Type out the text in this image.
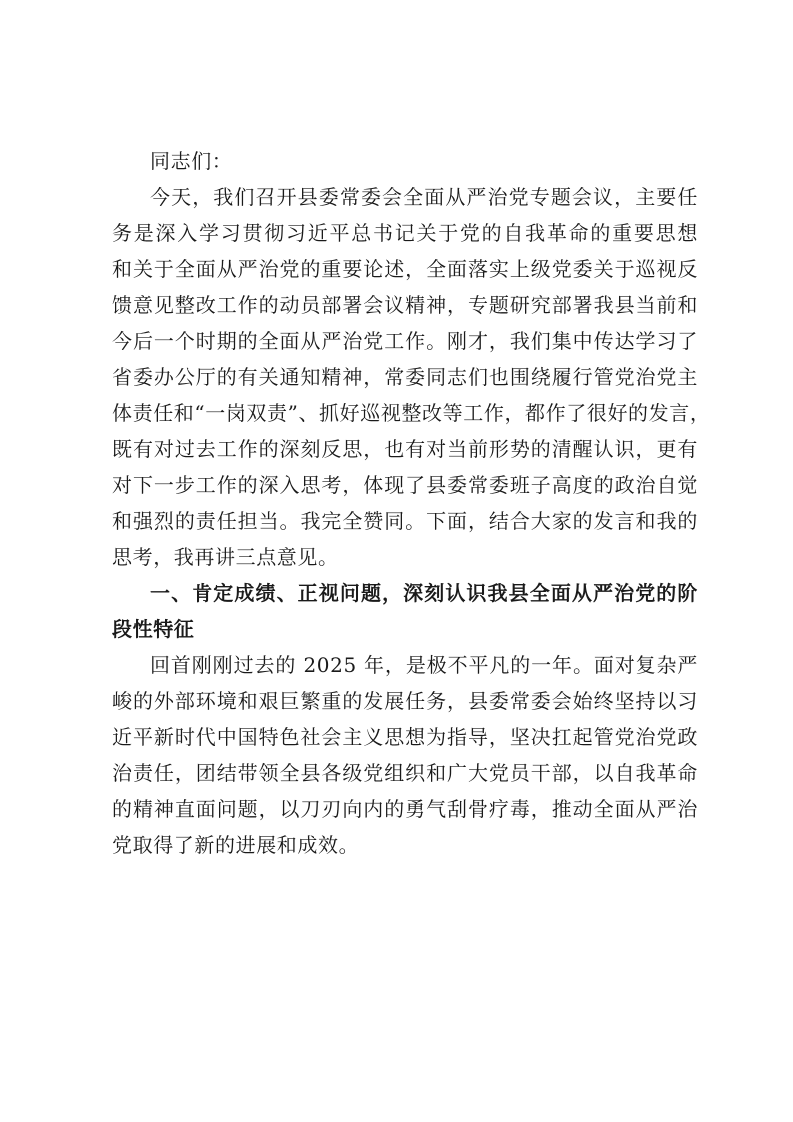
同志们：
今天，我们召开县委常委会全面从严治党专题会议，主要任
务是深入学习贯彻习近平总书记关于党的自我革命的重要思想
和关于全面从严治党的重要论述，全面落实上级党委关于巡视反
馈意见整改工作的动员部署会议精神，专题研究部署我县当前和
今后一个时期的全面从严治党工作。刚才，我们集中传达学习了
省委办公厅的有关通知精神，常委同志们也围绕履行管党治党主
体责任和“一岗双责”、抓好巡视整改等工作，都作了很好的发言，
既有对过去工作的深刻反思，也有对当前形势的清醒认识，更有
对下一步工作的深入思考，体现了县委常委班子高度的政治自觉
和强烈的责任担当。我完全赞同。下面，结合大家的发言和我的
思考，我再讲三点意见。
一、肯定成绩、正视问题，深刻认识我县全面从严治党的阶
段性特征
回首刚刚过去的 2025 年，是极不平凡的一年。面对复杂严
峻的外部环境和艰巨繁重的发展任务，县委常委会始终坚持以习
近平新时代中国特色社会主义思想为指导，坚决扛起管党治党政
治责任，团结带领全县各级党组织和广大党员干部，以自我革命
的精神直面问题，以刀刃向内的勇气刮骨疗毒，推动全面从严治
党取得了新的进展和成效。
